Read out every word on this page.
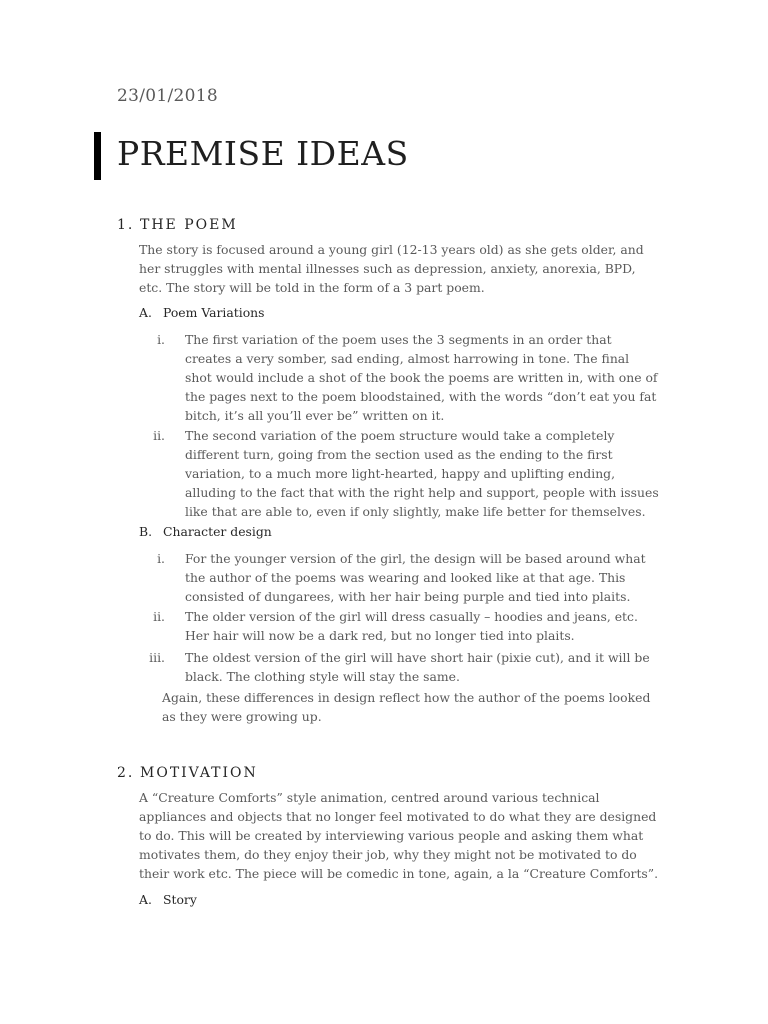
23/01/2018
PREMISE IDEAS
1. THE POEM
The story is focused around a young girl (12-13 years old) as she gets older, and her struggles with mental illnesses such as depression, anxiety, anorexia, BPD, etc. The story will be told in the form of a 3 part poem.
A. Poem Variations
i. The first variation of the poem uses the 3 segments in an order that creates a very somber, sad ending, almost harrowing in tone. The final shot would include a shot of the book the poems are written in, with one of the pages next to the poem bloodstained, with the words “don’t eat you fat bitch, it’s all you’ll ever be” written on it.
ii. The second variation of the poem structure would take a completely different turn, going from the section used as the ending to the first variation, to a much more light-hearted, happy and uplifting ending, alluding to the fact that with the right help and support, people with issues like that are able to, even if only slightly, make life better for themselves.
B. Character design
i. For the younger version of the girl, the design will be based around what the author of the poems was wearing and looked like at that age. This consisted of dungarees, with her hair being purple and tied into plaits.
ii. The older version of the girl will dress casually – hoodies and jeans, etc. Her hair will now be a dark red, but no longer tied into plaits.
iii. The oldest version of the girl will have short hair (pixie cut), and it will be black. The clothing style will stay the same.
Again, these differences in design reflect how the author of the poems looked as they were growing up.
2. MOTIVATION
A “Creature Comforts” style animation, centred around various technical appliances and objects that no longer feel motivated to do what they are designed to do. This will be created by interviewing various people and asking them what motivates them, do they enjoy their job, why they might not be motivated to do their work etc. The piece will be comedic in tone, again, a la “Creature Comforts”.
A. Story
